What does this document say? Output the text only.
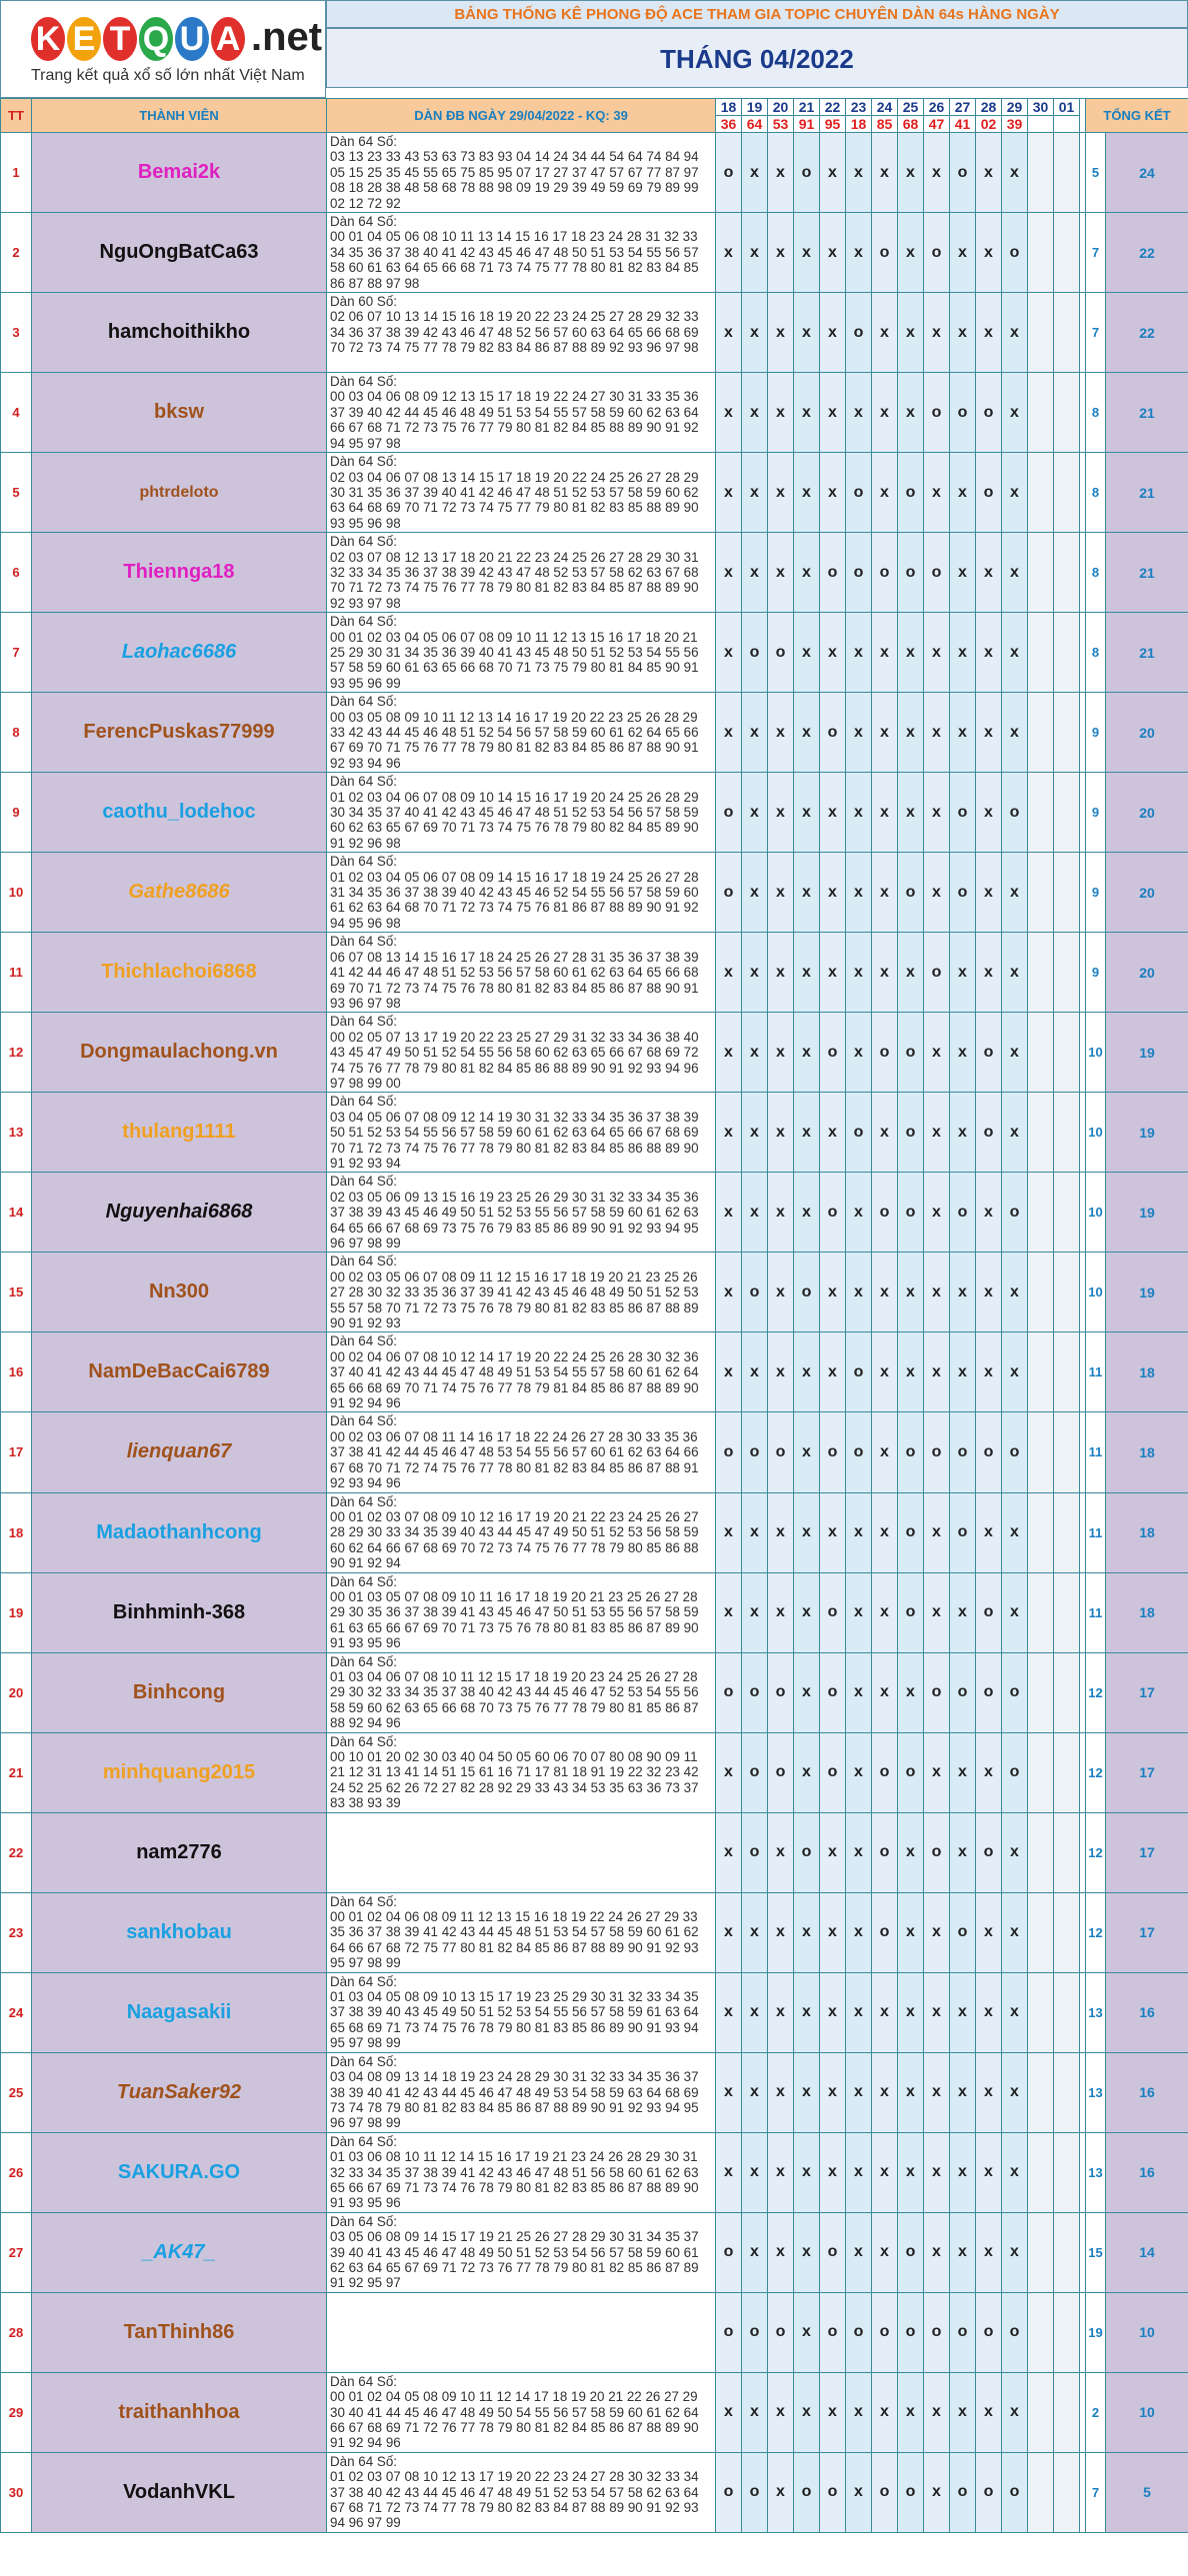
K E T Q U A .net
Trang kết quả xổ số lớn nhất Việt Nam
BẢNG THỐNG KÊ PHONG ĐỘ ACE THAM GIA TOPIC CHUYÊN DÀN 64s HÀNG NGÀY
THÁNG 04/2022
TT	THÀNH VIÊN	DÀN ĐB NGÀY 29/04/2022 - KQ: 39	18	19	20	21	22	23	24	25	26	27	28	29	30	01		TỔNG KẾT	
			36	64	53	91	95	18	85	68	47	41	02	39					
1	Bemai2k	Dàn 64 Số:
03 13 23 33 43 53 63 73 83 93 04 14 24 34 44 54 64 74 84 94 05 15 25 35 45 55 65 75 85 95 07 17 27 37 47 57 67 77 87 97 08 18 28 38 48 58 68 78 88 98 09 19 29 39 49 59 69 79 89 99 02 12 72 92	o	x	x	o	x	x	x	x	x	o	x	x				5	24
2	NguOngBatCa63	Dàn 64 Số:
00 01 04 05 06 08 10 11 13 14 15 16 17 18 23 24 28 31 32 33 34 35 36 37 38 40 41 42 43 45 46 47 48 50 51 53 54 55 56 57 58 60 61 63 64 65 66 68 71 73 74 75 77 78 80 81 82 83 84 85 86 87 88 97 98	x	x	x	x	x	x	o	x	o	x	x	o				7	22
3	hamchoithikho	Dàn 60 Số:
02 06 07 10 13 14 15 16 18 19 20 22 23 24 25 27 28 29 32 33 34 36 37 38 39 42 43 46 47 48 52 56 57 60 63 64 65 66 68 69 70 72 73 74 75 77 78 79 82 83 84 86 87 88 89 92 93 96 97 98	x	x	x	x	x	o	x	x	x	x	x	x				7	22
4	bksw	Dàn 64 Số:
00 03 04 06 08 09 12 13 15 17 18 19 22 24 27 30 31 33 35 36 37 39 40 42 44 45 46 48 49 51 53 54 55 57 58 59 60 62 63 64 66 67 68 71 72 73 75 76 77 79 80 81 82 84 85 88 89 90 91 92 94 95 97 98	x	x	x	x	x	x	x	x	o	o	o	x				8	21
5	phtrdeloto	Dàn 64 Số:
02 03 04 06 07 08 13 14 15 17 18 19 20 22 24 25 26 27 28 29 30 31 35 36 37 39 40 41 42 46 47 48 51 52 53 57 58 59 60 62 63 64 68 69 70 71 72 73 74 75 77 79 80 81 82 83 85 88 89 90 93 95 96 98	x	x	x	x	x	o	x	o	x	x	o	x				8	21
6	Thiennga18	Dàn 64 Số:
02 03 07 08 12 13 17 18 20 21 22 23 24 25 26 27 28 29 30 31 32 33 34 35 36 37 38 39 42 43 47 48 52 53 57 58 62 63 67 68 70 71 72 73 74 75 76 77 78 79 80 81 82 83 84 85 87 88 89 90 92 93 97 98	x	x	x	x	o	o	o	o	o	x	x	x				8	21
7	Laohac6686	Dàn 64 Số:
00 01 02 03 04 05 06 07 08 09 10 11 12 13 15 16 17 18 20 21 25 29 30 31 34 35 36 39 40 41 43 45 48 50 51 52 53 54 55 56 57 58 59 60 61 63 65 66 68 70 71 73 75 79 80 81 84 85 90 91 93 95 96 99	x	o	o	x	x	x	x	x	x	x	x	x				8	21
8	FerencPuskas77999	Dàn 64 Số:
00 03 05 08 09 10 11 12 13 14 16 17 19 20 22 23 25 26 28 29 33 42 43 44 45 46 48 51 52 54 56 57 58 59 60 61 62 64 65 66 67 69 70 71 75 76 77 78 79 80 81 82 83 84 85 86 87 88 90 91 92 93 94 96	x	x	x	x	o	x	x	x	x	x	x	x				9	20
9	caothu_lodehoc	Dàn 64 Số:
01 02 03 04 06 07 08 09 10 14 15 16 17 19 20 24 25 26 28 29 30 34 35 37 40 41 42 43 45 46 47 48 51 52 53 54 56 57 58 59 60 62 63 65 67 69 70 71 73 74 75 76 78 79 80 82 84 85 89 90 91 92 96 98	o	x	x	x	x	x	x	x	x	o	x	o				9	20
10	Gathe8686	Dàn 64 Số:
01 02 03 04 05 06 07 08 09 14 15 16 17 18 19 24 25 26 27 28 31 34 35 36 37 38 39 40 42 43 45 46 52 54 55 56 57 58 59 60 61 62 63 64 68 70 71 72 73 74 75 76 81 86 87 88 89 90 91 92 94 95 96 98	o	x	x	x	x	x	x	o	x	o	x	x				9	20
11	Thichlachoi6868	Dàn 64 Số:
06 07 08 13 14 15 16 17 18 24 25 26 27 28 31 35 36 37 38 39 41 42 44 46 47 48 51 52 53 56 57 58 60 61 62 63 64 65 66 68 69 70 71 72 73 74 75 76 78 80 81 82 83 84 85 86 87 88 90 91 93 96 97 98	x	x	x	x	x	x	x	x	o	x	x	x				9	20
12	Dongmaulachong.vn	Dàn 64 Số:
00 02 05 07 13 17 19 20 22 23 25 27 29 31 32 33 34 36 38 40 43 45 47 49 50 51 52 54 55 56 58 60 62 63 65 66 67 68 69 72 74 75 76 77 78 79 80 81 82 84 85 86 88 89 90 91 92 93 94 96 97 98 99 00	x	x	x	x	o	x	o	o	x	x	o	x				10	19
13	thulang1111	Dàn 64 Số:
03 04 05 06 07 08 09 12 14 19 30 31 32 33 34 35 36 37 38 39 50 51 52 53 54 55 56 57 58 59 60 61 62 63 64 65 66 67 68 69 70 71 72 73 74 75 76 77 78 79 80 81 82 83 84 85 86 88 89 90 91 92 93 94	x	x	x	x	x	o	x	o	x	x	o	x				10	19
14	Nguyenhai6868	Dàn 64 Số:
02 03 05 06 09 13 15 16 19 23 25 26 29 30 31 32 33 34 35 36 37 38 39 43 45 46 49 50 51 52 53 55 56 57 58 59 60 61 62 63 64 65 66 67 68 69 73 75 76 79 83 85 86 89 90 91 92 93 94 95 96 97 98 99	x	x	x	x	o	x	o	o	x	o	x	o				10	19
15	Nn300	Dàn 64 Số:
00 02 03 05 06 07 08 09 11 12 15 16 17 18 19 20 21 23 25 26 27 28 30 32 33 35 36 37 39 41 42 43 45 46 48 49 50 51 52 53 55 57 58 70 71 72 73 75 76 78 79 80 81 82 83 85 86 87 88 89 90 91 92 93	x	o	x	o	x	x	x	x	x	x	x	x				10	19
16	NamDeBacCai6789	Dàn 64 Số:
00 02 04 06 07 08 10 12 14 17 19 20 22 24 25 26 28 30 32 36 37 40 41 42 43 44 45 47 48 49 51 53 54 55 57 58 60 61 62 64 65 66 68 69 70 71 74 75 76 77 78 79 81 84 85 86 87 88 89 90 91 92 94 96	x	x	x	x	x	o	x	x	x	x	x	x				11	18
17	lienquan67	Dàn 64 Số:
00 02 03 06 07 08 11 14 16 17 18 22 24 26 27 28 30 33 35 36 37 38 41 42 44 45 46 47 48 53 54 55 56 57 60 61 62 63 64 66 67 68 70 71 72 74 75 76 77 78 80 81 82 83 84 85 86 87 88 91 92 93 94 96	o	o	o	x	o	o	x	o	o	o	o	o				11	18
18	Madaothanhcong	Dàn 64 Số:
00 01 02 03 07 08 09 10 12 16 17 19 20 21 22 23 24 25 26 27 28 29 30 33 34 35 39 40 43 44 45 47 49 50 51 52 53 56 58 59 60 62 64 66 67 68 69 70 72 73 74 75 76 77 78 79 80 85 86 88 90 91 92 94	x	x	x	x	x	x	x	o	x	o	x	x				11	18
19	Binhminh-368	Dàn 64 Số:
00 01 03 05 07 08 09 10 11 16 17 18 19 20 21 23 25 26 27 28 29 30 35 36 37 38 39 41 43 45 46 47 50 51 53 55 56 57 58 59 61 63 65 66 67 69 70 71 73 75 76 78 80 81 83 85 86 87 89 90 91 93 95 96	x	x	x	x	o	x	x	o	x	x	o	x				11	18
20	Binhcong	Dàn 64 Số:
01 03 04 06 07 08 10 11 12 15 17 18 19 20 23 24 25 26 27 28 29 30 32 33 34 35 37 38 40 42 43 44 45 46 47 52 53 54 55 56 58 59 60 62 63 65 66 68 70 73 75 76 77 78 79 80 81 85 86 87 88 92 94 96	o	o	o	x	o	x	x	x	o	o	o	o				12	17
21	minhquang2015	Dàn 64 Số:
00 10 01 20 02 30 03 40 04 50 05 60 06 70 07 80 08 90 09 11 21 12 31 13 41 14 51 15 61 16 71 17 81 18 91 19 22 32 23 42 24 52 25 62 26 72 27 82 28 92 29 33 43 34 53 35 63 36 73 37 83 38 93 39	x	o	o	x	o	x	o	o	x	x	x	o				12	17
22	nam2776		x	o	x	o	x	x	o	x	o	x	o	x				12	17
23	sankhobau	Dàn 64 Số:
00 01 02 04 06 08 09 11 12 13 15 16 18 19 22 24 26 27 29 33 35 36 37 38 39 41 42 43 44 45 48 51 53 54 57 58 59 60 61 62 64 66 67 68 72 75 77 80 81 82 84 85 86 87 88 89 90 91 92 93 95 97 98 99	x	x	x	x	x	x	o	x	x	o	x	x				12	17
24	Naagasakii	Dàn 64 Số:
01 03 04 05 08 09 10 13 15 17 19 23 25 29 30 31 32 33 34 35 37 38 39 40 43 45 49 50 51 52 53 54 55 56 57 58 59 61 63 64 65 68 69 71 73 74 75 76 78 79 80 81 83 85 86 89 90 91 93 94 95 97 98 99	x	x	x	x	x	x	x	x	x	x	x	x				13	16
25	TuanSaker92	Dàn 64 Số:
03 04 08 09 13 14 18 19 23 24 28 29 30 31 32 33 34 35 36 37 38 39 40 41 42 43 44 45 46 47 48 49 53 54 58 59 63 64 68 69 73 74 78 79 80 81 82 83 84 85 86 87 88 89 90 91 92 93 94 95 96 97 98 99	x	x	x	x	x	x	x	x	x	x	x	x				13	16
26	SAKURA.GO	Dàn 64 Số:
01 03 06 08 10 11 12 14 15 16 17 19 21 23 24 26 28 29 30 31 32 33 34 35 37 38 39 41 42 43 46 47 48 51 56 58 60 61 62 63 65 66 67 69 71 73 74 76 78 79 80 81 82 83 85 86 87 88 89 90 91 93 95 96	x	x	x	x	x	x	x	x	x	x	x	x				13	16
27	_AK47_	Dàn 64 Số:
03 05 06 08 09 14 15 17 19 21 25 26 27 28 29 30 31 34 35 37 39 40 41 43 45 46 47 48 49 50 51 52 53 54 56 57 58 59 60 61 62 63 64 65 67 69 71 72 73 76 77 78 79 80 81 82 85 86 87 89 91 92 95 97	o	x	x	x	o	x	x	o	x	x	x	x				15	14
28	TanThinh86		o	o	o	x	o	o	o	o	o	o	o	o				19	10
29	traithanhhoa	Dàn 64 Số:
00 01 02 04 05 08 09 10 11 12 14 17 18 19 20 21 22 26 27 29 30 40 41 44 45 46 47 48 49 50 54 55 56 57 58 59 60 61 62 64 66 67 68 69 71 72 76 77 78 79 80 81 82 84 85 86 87 88 89 90 91 92 94 96	x	x	x	x	x	x	x	x	x	x	x	x				2	10
30	VodanhVKL	Dàn 64 Số:
01 02 03 07 08 10 12 13 17 19 20 22 23 24 27 28 30 32 33 34 37 38 40 42 43 44 45 46 47 48 49 51 52 53 54 57 58 62 63 64 67 68 71 72 73 74 77 78 79 80 82 83 84 87 88 89 90 91 92 93 94 96 97 99	o	o	x	o	o	x	o	o	x	o	o	o				7	5
